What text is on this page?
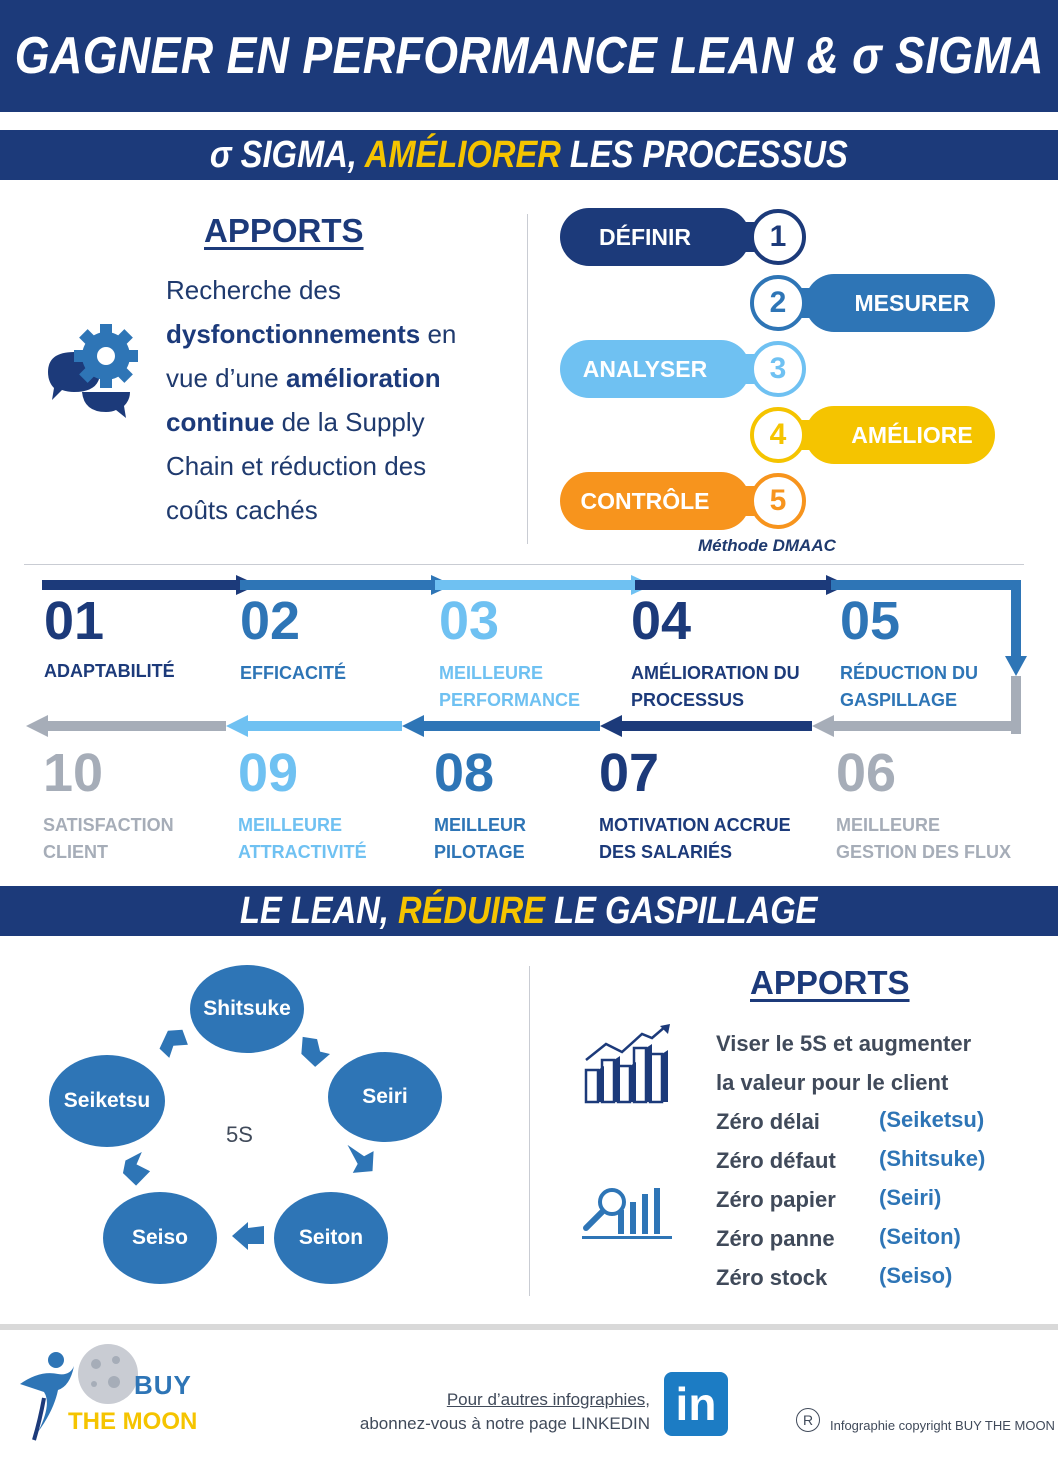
GAGNER EN PERFORMANCE LEAN & σ SIGMA
σ SIGMA, AMÉLIORER LES PROCESSUS
APPORTS
Recherche des
dysfonctionnements en
vue d’une amélioration
continue de la Supply
Chain et réduction des
coûts cachés
DÉFINIR	1
MESURER
2
ANALYSER	3
AMÉLIORE
4
CONTRÔLE	5
Méthode DMAAC
01
ADAPTABILITÉ
02
EFFICACITÉ
03
MEILLEURE
PERFORMANCE
04
AMÉLIORATION DU
PROCESSUS
05
RÉDUCTION DU
GASPILLAGE
06
MEILLEURE
GESTION DES FLUX
07
MOTIVATION ACCRUE
DES SALARIÉS
08
MEILLEUR
PILOTAGE
09
MEILLEURE
ATTRACTIVITÉ
10
SATISFACTION
CLIENT
LE LEAN, RÉDUIRE LE GASPILLAGE
Shitsuke
Seiri
Seiton
Seiso
Seiketsu
5S
APPORTS
Viser le 5S et augmenter
la valeur pour le client
Zéro délai	(Seiketsu)
Zéro défaut (Shitsuke)
Zéro papier (Seiri)
Zéro panne (Seiton)
Zéro stock (Seiso)
BUY
THE MOON
Pour d’autres infographies,
abonnez-vous à notre page LINKEDIN in	R	Infographie copyright BUY THE MOON
